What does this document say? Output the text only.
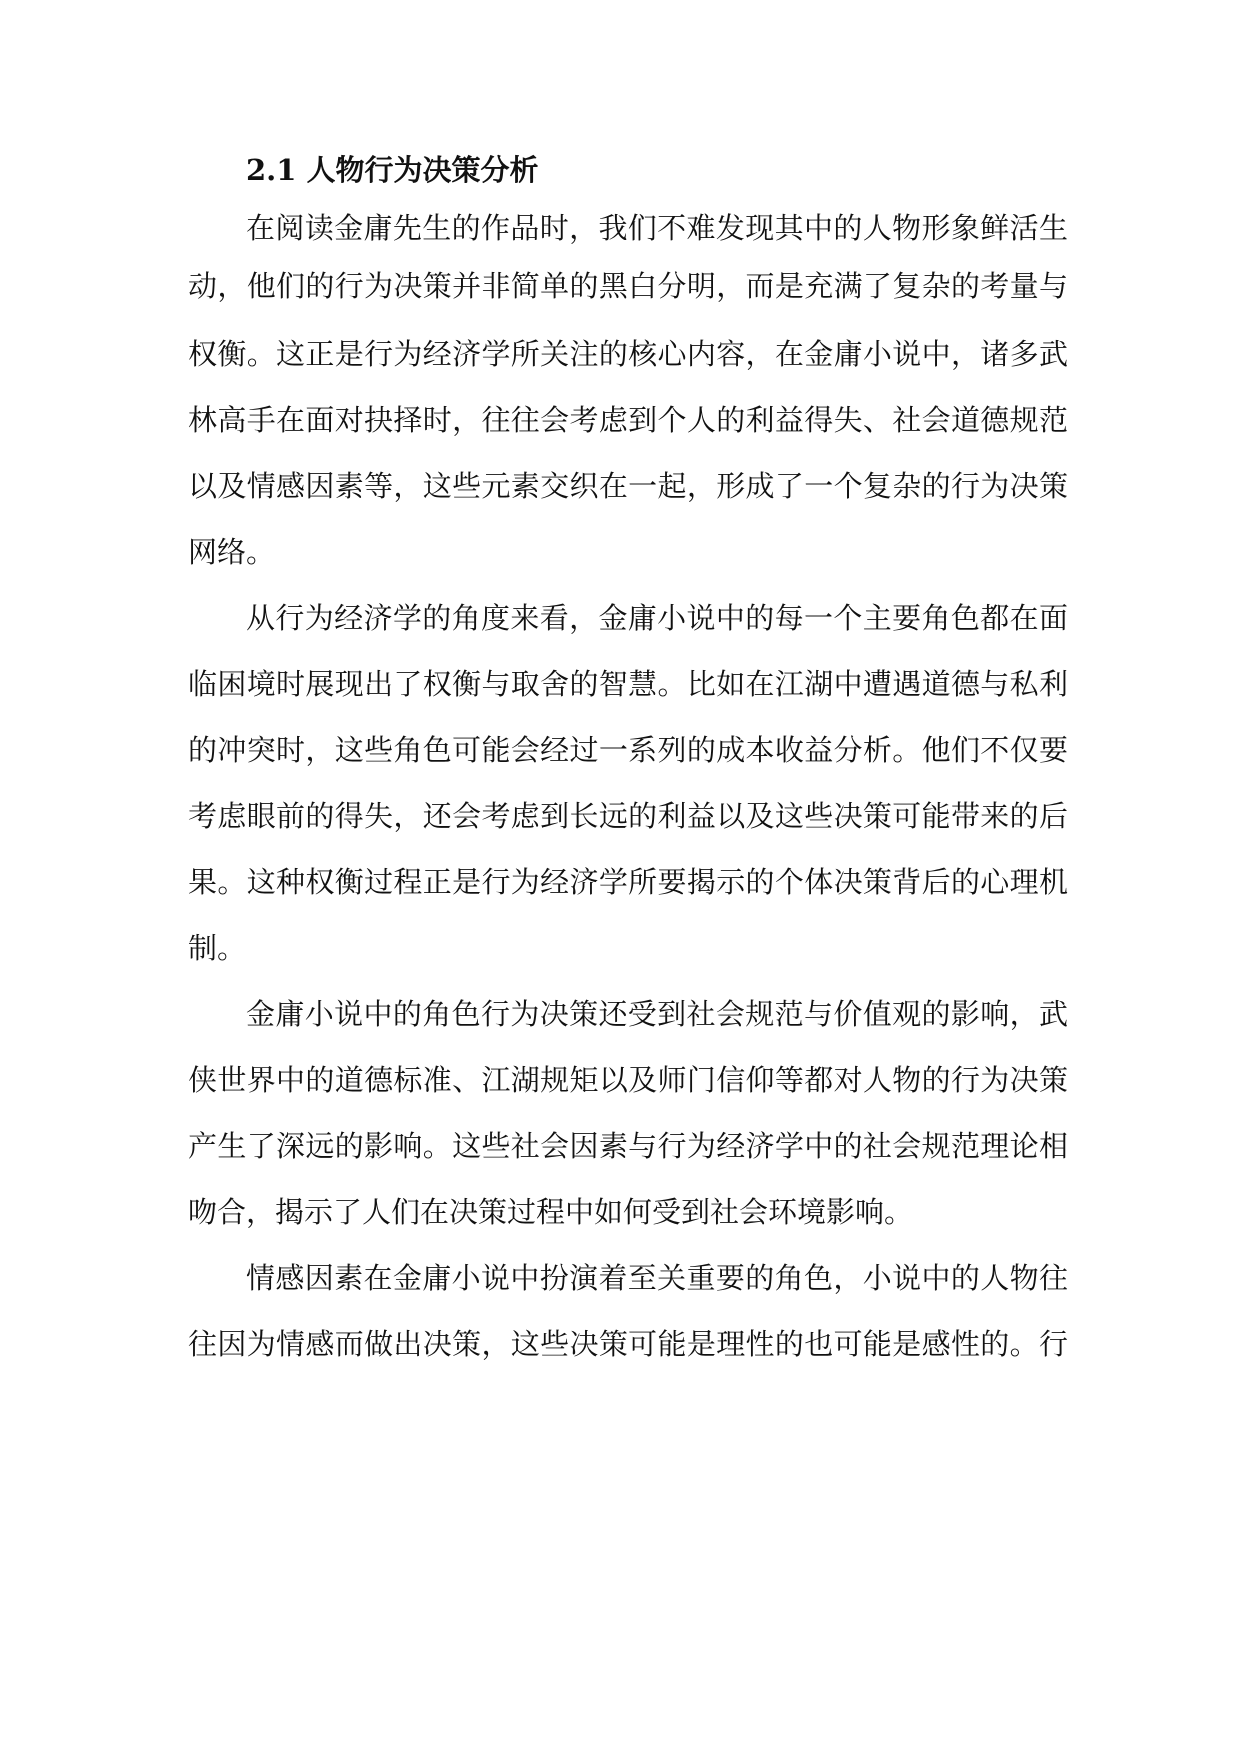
2.1 人物行为决策分析
在阅读金庸先生的作品时，我们不难发现其中的人物形象鲜活生
动，他们的行为决策并非简单的黑白分明，而是充满了复杂的考量与
权衡。这正是行为经济学所关注的核心内容，在金庸小说中，诸多武
林高手在面对抉择时，往往会考虑到个人的利益得失、社会道德规范
以及情感因素等，这些元素交织在一起，形成了一个复杂的行为决策
网络。
从行为经济学的角度来看，金庸小说中的每一个主要角色都在面
临困境时展现出了权衡与取舍的智慧。比如在江湖中遭遇道德与私利
的冲突时，这些角色可能会经过一系列的成本收益分析。他们不仅要
考虑眼前的得失，还会考虑到长远的利益以及这些决策可能带来的后
果。这种权衡过程正是行为经济学所要揭示的个体决策背后的心理机
制。
金庸小说中的角色行为决策还受到社会规范与价值观的影响，武
侠世界中的道德标准、江湖规矩以及师门信仰等都对人物的行为决策
产生了深远的影响。这些社会因素与行为经济学中的社会规范理论相
吻合，揭示了人们在决策过程中如何受到社会环境影响。
情感因素在金庸小说中扮演着至关重要的角色，小说中的人物往
往因为情感而做出决策，这些决策可能是理性的也可能是感性的。行
